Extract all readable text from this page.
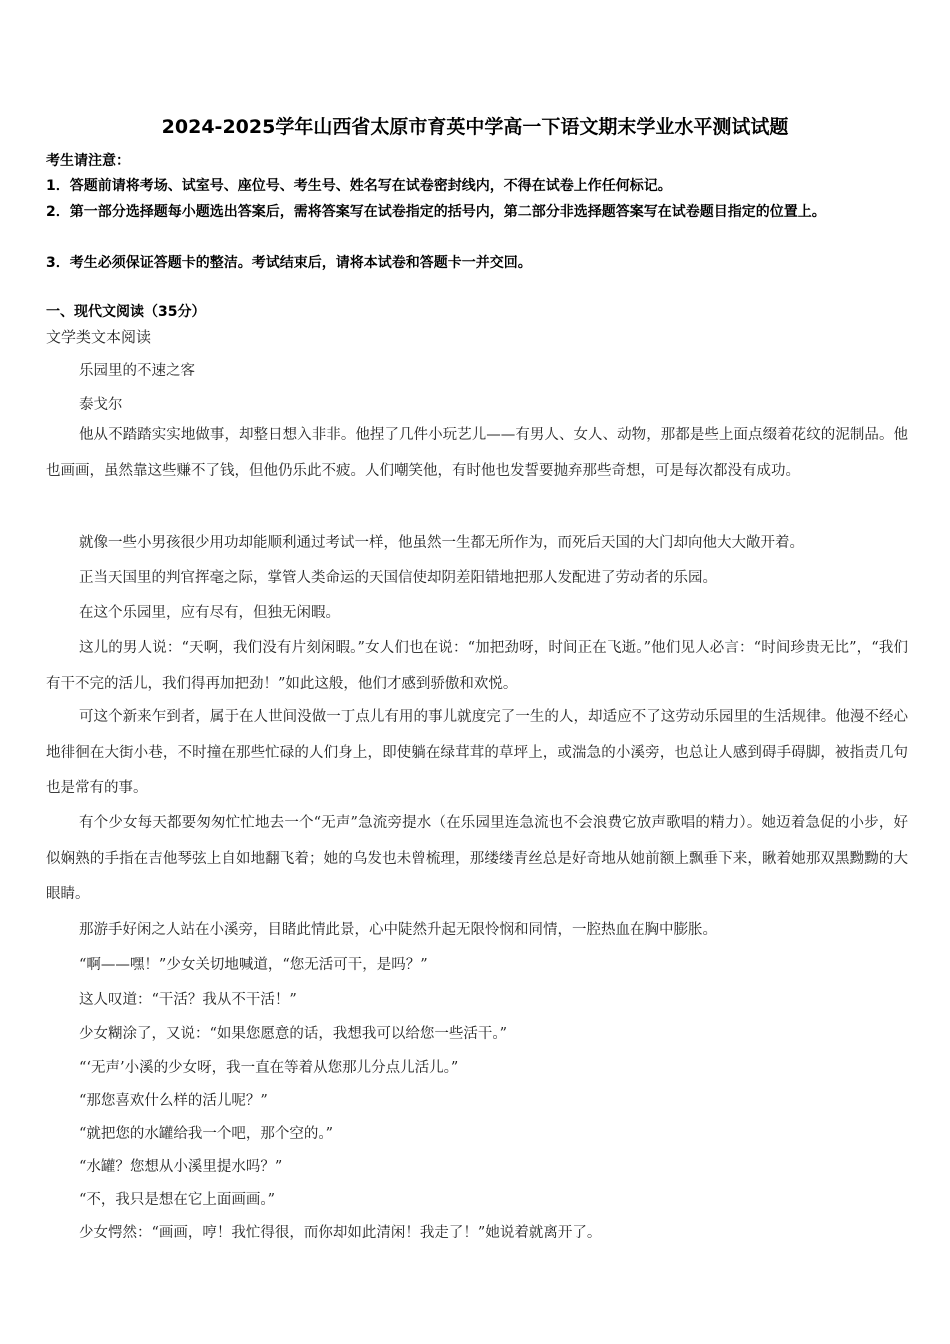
2024-2025学年山西省太原市育英中学高一下语文期末学业水平测试试题
考生请注意：
1．答题前请将考场、试室号、座位号、考生号、姓名写在试卷密封线内，不得在试卷上作任何标记。
2．第一部分选择题每小题选出答案后，需将答案写在试卷指定的括号内，第二部分非选择题答案写在试卷题目指定的位置上。
3．考生必须保证答题卡的整洁。考试结束后，请将本试卷和答题卡一并交回。
一、现代文阅读（35分）
文学类文本阅读
乐园里的不速之客
泰戈尔
他从不踏踏实实地做事，却整日想入非非。他捏了几件小玩艺儿——有男人、女人、动物，那都是些上面点缀着花纹的泥制品。他也画画，虽然靠这些赚不了钱，但他仍乐此不疲。人们嘲笑他，有时他也发誓要抛弃那些奇想，可是每次都没有成功。
就像一些小男孩很少用功却能顺利通过考试一样，他虽然一生都无所作为，而死后天国的大门却向他大大敞开着。
正当天国里的判官挥毫之际，掌管人类命运的天国信使却阴差阳错地把那人发配进了劳动者的乐园。
在这个乐园里，应有尽有，但独无闲暇。
这儿的男人说：“天啊，我们没有片刻闲暇。”女人们也在说：“加把劲呀，时间正在飞逝。”他们见人必言：“时间珍贵无比”，“我们有干不完的活儿，我们得再加把劲！”如此这般，他们才感到骄傲和欢悦。
可这个新来乍到者，属于在人世间没做一丁点儿有用的事儿就度完了一生的人，却适应不了这劳动乐园里的生活规律。他漫不经心地徘徊在大街小巷，不时撞在那些忙碌的人们身上，即使躺在绿茸茸的草坪上，或湍急的小溪旁，也总让人感到碍手碍脚，被指责几句也是常有的事。
有个少女每天都要匆匆忙忙地去一个“无声”急流旁提水（在乐园里连急流也不会浪费它放声歌唱的精力）。她迈着急促的小步，好似娴熟的手指在吉他琴弦上自如地翻飞着；她的乌发也未曾梳理，那缕缕青丝总是好奇地从她前额上飘垂下来，瞅着她那双黑黝黝的大眼睛。
那游手好闲之人站在小溪旁，目睹此情此景，心中陡然升起无限怜悯和同情，一腔热血在胸中膨胀。
“啊——嘿！”少女关切地喊道，“您无活可干，是吗？”
这人叹道：“干活？我从不干活！”
少女糊涂了，又说：“如果您愿意的话，我想我可以给您一些活干。”
“‘无声’小溪的少女呀，我一直在等着从您那儿分点儿活儿。”
“那您喜欢什么样的活儿呢？”
“就把您的水罐给我一个吧，那个空的。”
“水罐？您想从小溪里提水吗？”
“不，我只是想在它上面画画。”
少女愕然：“画画，哼！我忙得很，而你却如此清闲！我走了！”她说着就离开了。
